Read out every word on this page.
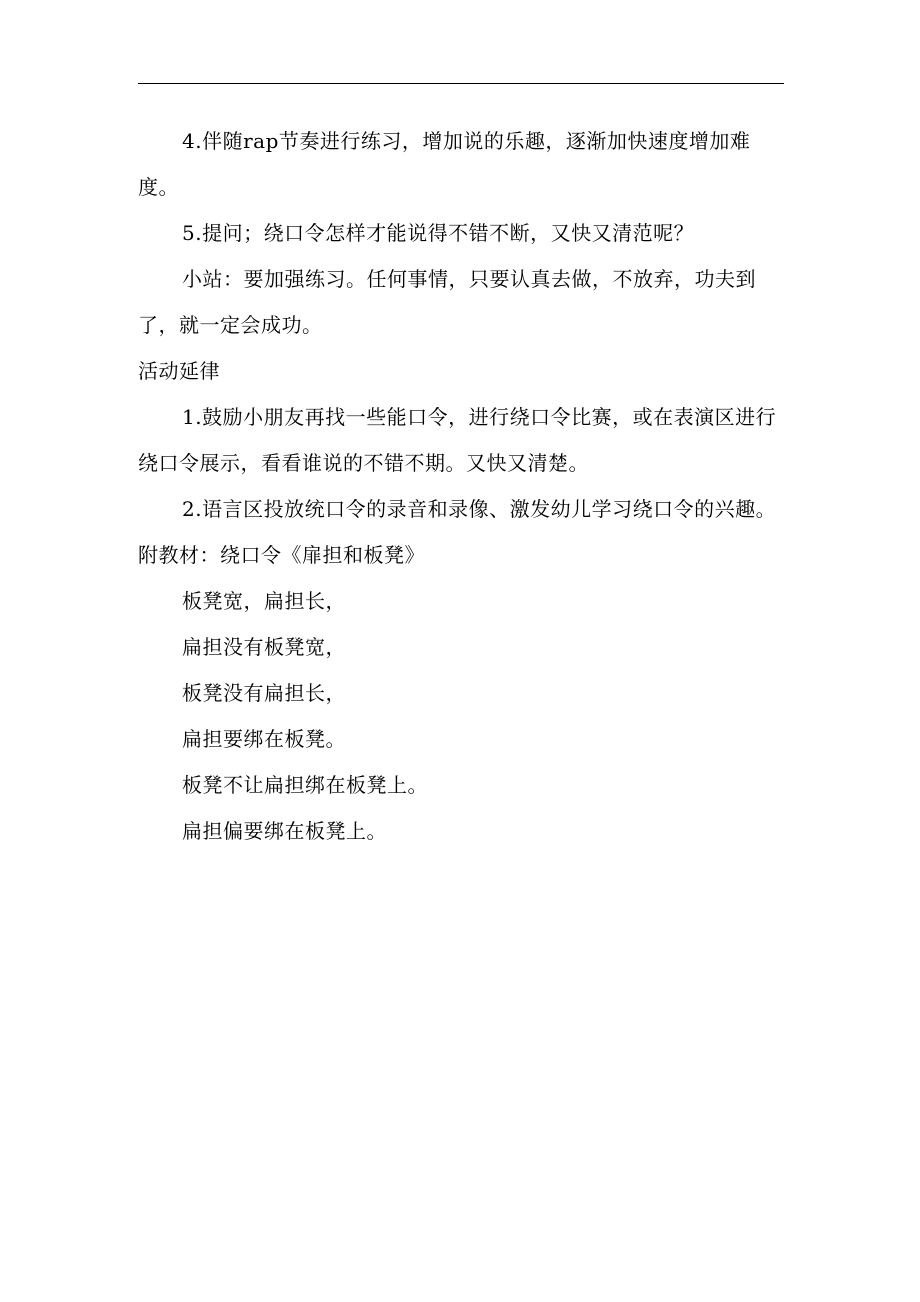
4.伴随rap节奏进行练习，增加说的乐趣，逐渐加快速度增加难度。

5.提问；绕口令怎样才能说得不错不断，又快又清范呢？

小站：要加强练习。任何事情，只要认真去做，不放弃，功夫到了，就一定会成功。

活动延律

1.鼓励小朋友再找一些能口令，进行绕口令比赛，或在表演区进行绕口令展示，看看谁说的不错不期。又快又清楚。

2.语言区投放统口令的录音和录像、激发幼儿学习绕口令的兴趣。

附教材：绕口令《扉担和板凳》

板凳宽，扁担长，

扁担没有板凳宽，

板凳没有扁担长，

扁担要绑在板凳。

板凳不让扁担绑在板凳上。

扁担偏要绑在板凳上。
